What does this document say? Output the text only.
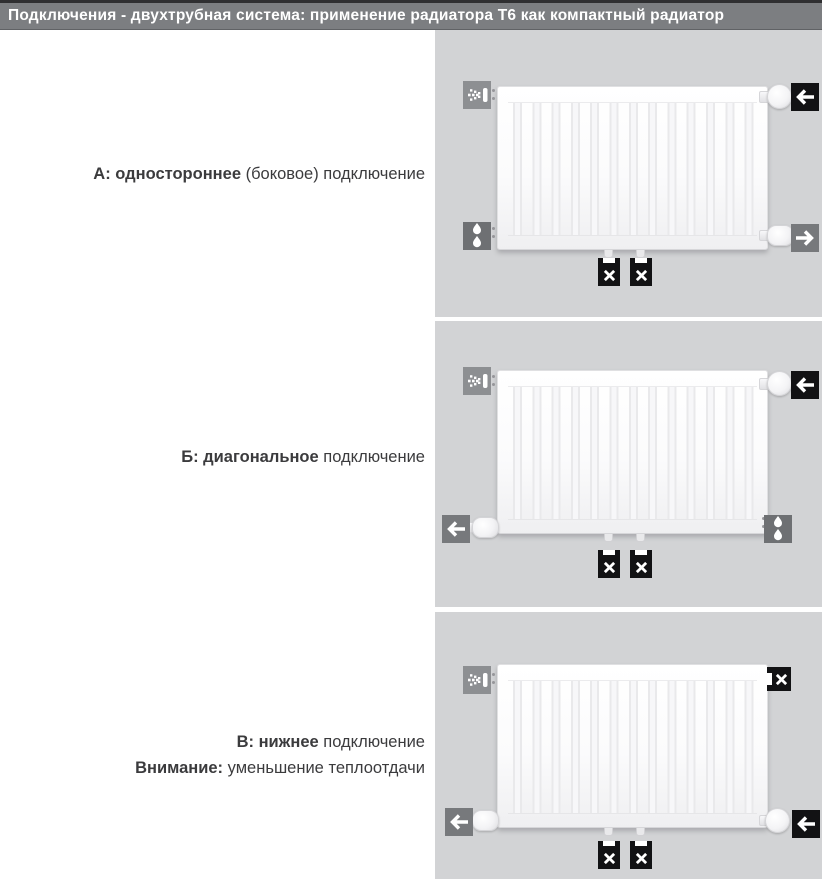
Подключения - двухтрубная система: применение радиатора Т6 как компактный радиатор
А: одностороннее (боковое) подключение
Б: диагональное подключение
В: нижнее подключение
Внимание: уменьшение теплоотдачи
